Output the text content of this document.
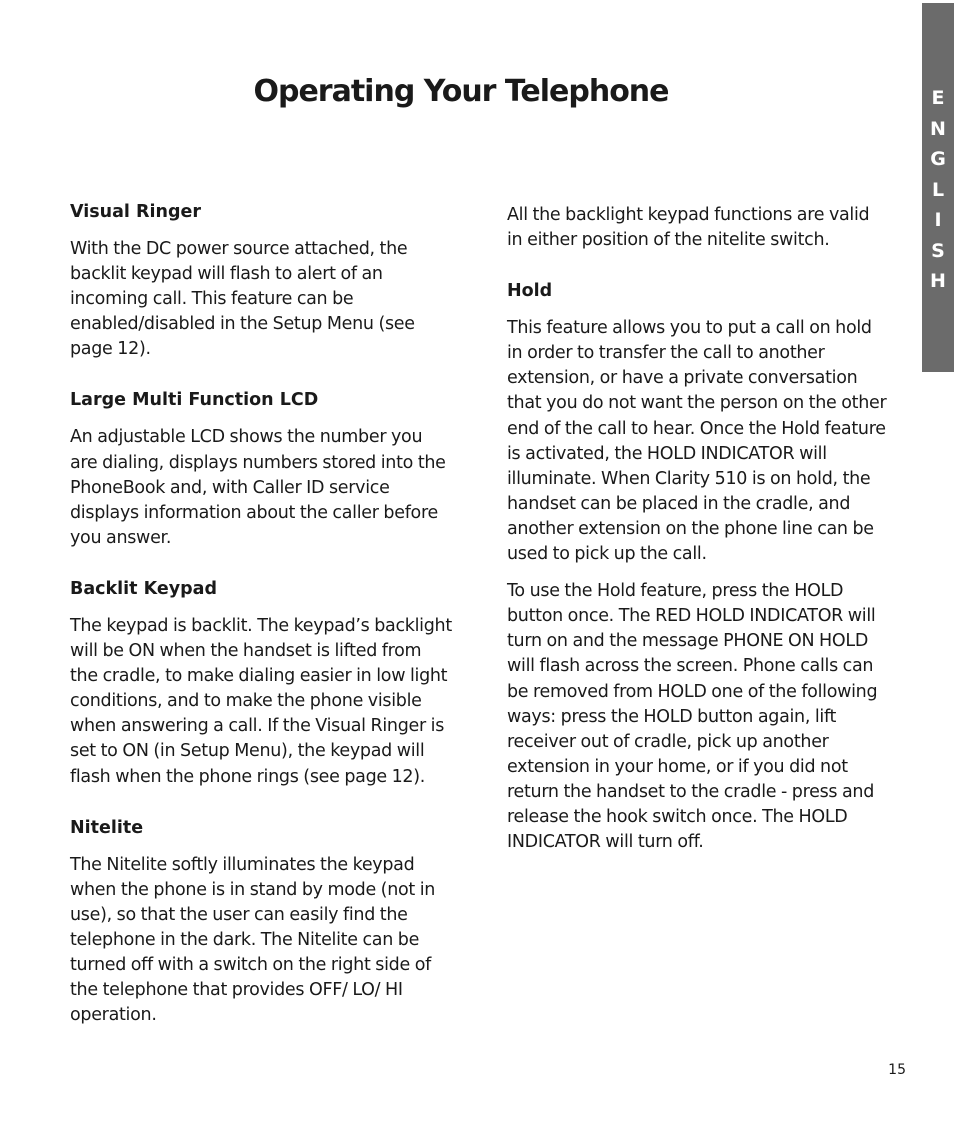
Operating Your Telephone	E
N
G
L
I
S
H
Visual Ringer

With the DC power source attached, the backlit keypad will flash to alert of an incoming call. This feature can be enabled/disabled in the Setup Menu (see page 12).

Large Multi Function LCD

An adjustable LCD shows the number you are dialing, displays numbers stored into the PhoneBook and, with Caller ID service displays information about the caller before you answer.

Backlit Keypad

The keypad is backlit. The keypad’s backlight will be ON when the handset is lifted from the cradle, to make dialing easier in low light conditions, and to make the phone visible when answering a call. If the Visual Ringer is set to ON (in Setup Menu), the keypad will flash when the phone rings (see page 12).

Nitelite

The Nitelite softly illuminates the keypad when the phone is in stand by mode (not in use), so that the user can easily find the telephone in the dark. The Nitelite can be turned off with a switch on the right side of the telephone that provides OFF/ LO/ HI operation.

All the backlight keypad functions are valid in either position of the nitelite switch.

Hold

This feature allows you to put a call on hold in order to transfer the call to another extension, or have a private conversation that you do not want the person on the other end of the call to hear. Once the Hold feature is activated, the HOLD INDICATOR will illuminate. When Clarity 510 is on hold, the handset can be placed in the cradle, and another extension on the phone line can be used to pick up the call.

To use the Hold feature, press the HOLD button once. The RED HOLD INDICATOR will turn on and the message PHONE ON HOLD will flash across the screen. Phone calls can be removed from HOLD one of the following ways: press the HOLD button again, lift receiver out of cradle, pick up another extension in your home, or if you did not return the handset to the cradle - press and release the hook switch once. The HOLD INDICATOR will turn off.

15
